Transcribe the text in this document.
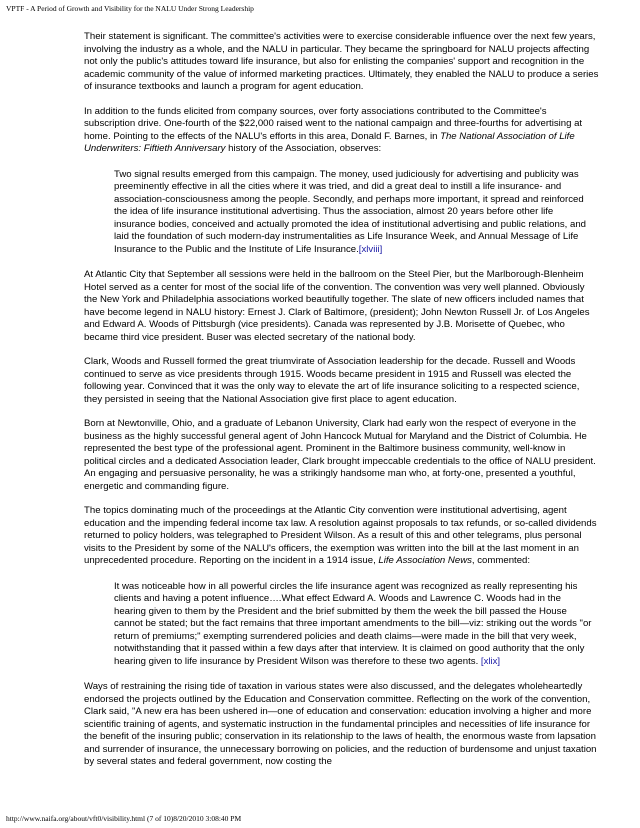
VPTF - A Period of Growth and Visibility for the NALU Under Strong Leadership

Their statement is significant. The committee's activities were to exercise considerable influence over the next few years, involving the industry as a whole, and the NALU in particular. They became the springboard for NALU projects affecting not only the public's attitudes toward life insurance, but also for enlisting the companies' support and recognition in the academic community of the value of informed marketing practices. Ultimately, they enabled the NALU to produce a series of insurance textbooks and launch a program for agent education.

In addition to the funds elicited from company sources, over forty associations contributed to the Committee's subscription drive. One-fourth of the $22,000 raised went to the national campaign and three-fourths for advertising at home. Pointing to the effects of the NALU's efforts in this area, Donald F. Barnes, in The National Association of Life Underwriters: Fiftieth Anniversary history of the Association, observes:

Two signal results emerged from this campaign. The money, used judiciously for advertising and publicity was preeminently effective in all the cities where it was tried, and did a great deal to instill a life insurance- and association-consciousness among the people. Secondly, and perhaps more important, it spread and reinforced the idea of life insurance institutional advertising. Thus the association, almost 20 years before other life insurance bodies, conceived and actually promoted the idea of institutional advertising and public relations, and laid the foundation of such modern-day instrumentalities as Life Insurance Week, and Annual Message of Life Insurance to the Public and the Institute of Life Insurance.[xlviii]

At Atlantic City that September all sessions were held in the ballroom on the Steel Pier, but the Marlborough-Blenheim Hotel served as a center for most of the social life of the convention. The convention was very well planned. Obviously the New York and Philadelphia associations worked beautifully together. The slate of new officers included names that have become legend in NALU history: Ernest J. Clark of Baltimore, (president); John Newton Russell Jr. of Los Angeles and Edward A. Woods of Pittsburgh (vice presidents). Canada was represented by J.B. Morisette of Quebec, who became third vice president. Buser was elected secretary of the national body.

Clark, Woods and Russell formed the great triumvirate of Association leadership for the decade. Russell and Woods continued to serve as vice presidents through 1915. Woods became president in 1915 and Russell was elected the following year. Convinced that it was the only way to elevate the art of life insurance soliciting to a respected science, they persisted in seeing that the National Association give first place to agent education.

Born at Newtonville, Ohio, and a graduate of Lebanon University, Clark had early won the respect of everyone in the business as the highly successful general agent of John Hancock Mutual for Maryland and the District of Columbia. He represented the best type of the professional agent. Prominent in the Baltimore business community, well-know in political circles and a dedicated Association leader, Clark brought impeccable credentials to the office of NALU president. An engaging and persuasive personality, he was a strikingly handsome man who, at forty-one, presented a youthful, energetic and commanding figure.

The topics dominating much of the proceedings at the Atlantic City convention were institutional advertising, agent education and the impending federal income tax law. A resolution against proposals to tax refunds, or so-called dividends returned to policy holders, was telegraphed to President Wilson. As a result of this and other telegrams, plus personal visits to the President by some of the NALU's officers, the exemption was written into the bill at the last moment in an unprecedented procedure. Reporting on the incident in a 1914 issue, Life Association News, commented:

It was noticeable how in all powerful circles the life insurance agent was recognized as really representing his clients and having a potent influence….What effect Edward A. Woods and Lawrence C. Woods had in the hearing given to them by the President and the brief submitted by them the week the bill passed the House cannot be stated; but the fact remains that three important amendments to the bill—viz: striking out the words "or return of premiums;" exempting surrendered policies and death claims—were made in the bill that very week, notwithstanding that it passed within a few days after that interview. It is claimed on good authority that the only hearing given to life insurance by President Wilson was therefore to these two agents. [xlix]

Ways of restraining the rising tide of taxation in various states were also discussed, and the delegates wholeheartedly endorsed the projects outlined by the Education and Conservation committee. Reflecting on the work of the convention, Clark said, "A new era has been ushered in—one of education and conservation: education involving a higher and more scientific training of agents, and systematic instruction in the fundamental principles and necessities of life insurance for the benefit of the insuring public; conservation in its relationship to the laws of health, the enormous waste from lapsation and surrender of insurance, the unnecessary borrowing on policies, and the reduction of burdensome and unjust taxation by several states and federal government, now costing the

http://www.naifa.org/about/vft0/visibility.html (7 of 10)8/20/2010 3:08:40 PM
